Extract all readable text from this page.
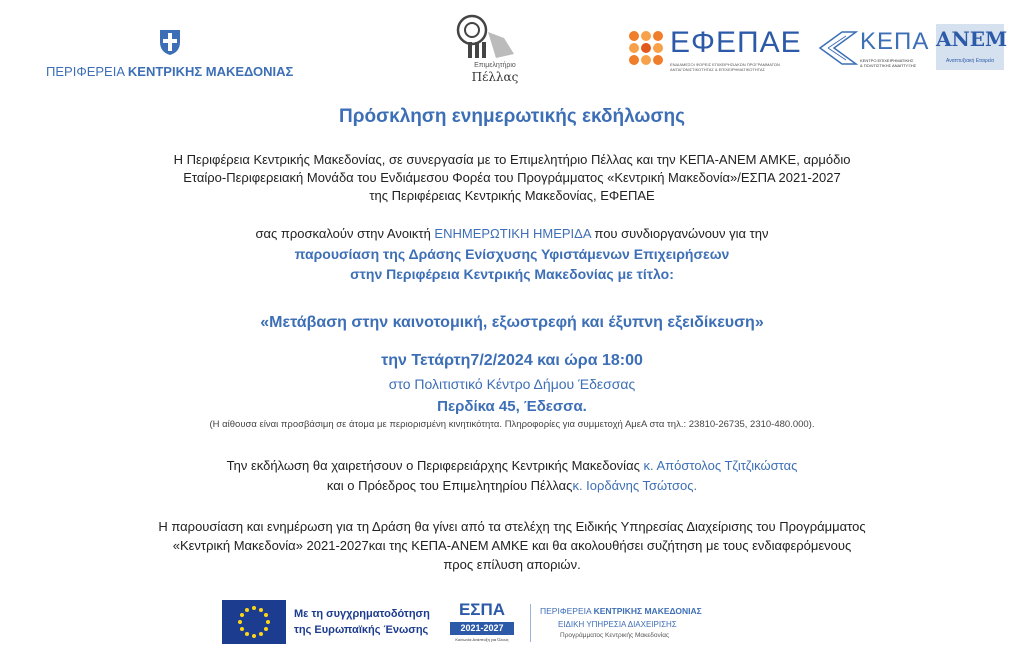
ΠΕΡΙΦΕΡΕΙΑ ΚΕΝΤΡΙΚΗΣ ΜΑΚΕΔΟΝΙΑΣ	Επιμελητήριο
Πέλλας
ΕΦΕΠΑΕ
ΕΝΔΙΑΜΕΣΟΙ ΦΟΡΕΙΣ ΕΠΙΧΕΙΡΗΣΙΑΚΩΝ ΠΡΟΓΡΑΜΜΑΤΩΝ
ΑΝΤΑΓΩΝΙΣΤΙΚΟΤΗΤΑΣ & ΕΠΙΧΕΙΡΗΜΑΤΙΚΟΤΗΤΑΣ
ΚΕΠΑ
ΚΕΝΤΡΟ ΕΠΙΧΕΙΡΗΜΑΤΙΚΗΣ
& ΠΟΛΙΤΙΣΤΙΚΗΣ ΑΝΑΠΤΥΞΗΣ
ΑΝΕΜ
Αναπτυξιακή Εταιρεία
Πρόσκληση ενημερωτικής εκδήλωσης
Η Περιφέρεια Κεντρικής Μακεδονίας, σε συνεργασία με το Επιμελητήριο Πέλλας και την ΚΕΠΑ-ΑΝΕΜ ΑΜΚΕ, αρμόδιο
Εταίρο-Περιφερειακή Μονάδα του Ενδιάμεσου Φορέα του Προγράμματος «Κεντρική Μακεδονία»/ΕΣΠΑ 2021-2027
της Περιφέρειας Κεντρικής Μακεδονίας, ΕΦΕΠΑΕ
σας προσκαλούν στην Ανοικτή ΕΝΗΜΕΡΩΤΙΚΗ ΗΜΕΡΙΔΑ που συνδιοργανώνουν για την
παρουσίαση της Δράσης Ενίσχυσης Υφιστάμενων Επιχειρήσεων
στην Περιφέρεια Κεντρικής Μακεδονίας με τίτλο:
«Μετάβαση στην καινοτομική, εξωστρεφή και έξυπνη εξειδίκευση»
την Τετάρτη7/2/2024 και ώρα 18:00
στο Πολιτιστικό Κέντρο Δήμου Έδεσσας
Περδίκα 45, Έδεσσα.
(Η αίθουσα είναι προσβάσιμη σε άτομα με περιορισμένη κινητικότητα. Πληροφορίες για συμμετοχή ΑμεΑ στα τηλ.: 23810-26735, 2310-480.000).
Την εκδήλωση θα χαιρετήσουν ο Περιφερειάρχης Κεντρικής Μακεδονίας κ. Απόστολος Τζιτζικώστας
και ο Πρόεδρος του Επιμελητηρίου Πέλλαςκ. Ιορδάνης Τσώτσος.
Η παρουσίαση και ενημέρωση για τη Δράση θα γίνει από τα στελέχη της Ειδικής Υπηρεσίας Διαχείρισης του Προγράμματος
«Κεντρική Μακεδονία» 2021-2027και της ΚΕΠΑ-ΑΝΕΜ ΑΜΚΕ και θα ακολουθήσει συζήτηση με τους ενδιαφερόμενους
προς επίλυση αποριών.
Με τη συγχρηματοδότηση
της Ευρωπαϊκής Ένωσης
ΕΣΠΑ
2021-2027
Κοινωνία Ανάπτυξη για Όλους
ΠΕΡΙΦΕΡΕΙΑ ΚΕΝΤΡΙΚΗΣ ΜΑΚΕΔΟΝΙΑΣ
ΕΙΔΙΚΗ ΥΠΗΡΕΣΙΑ ΔΙΑΧΕΙΡΙΣΗΣ
Προγράμματος Κεντρικής Μακεδονίας
